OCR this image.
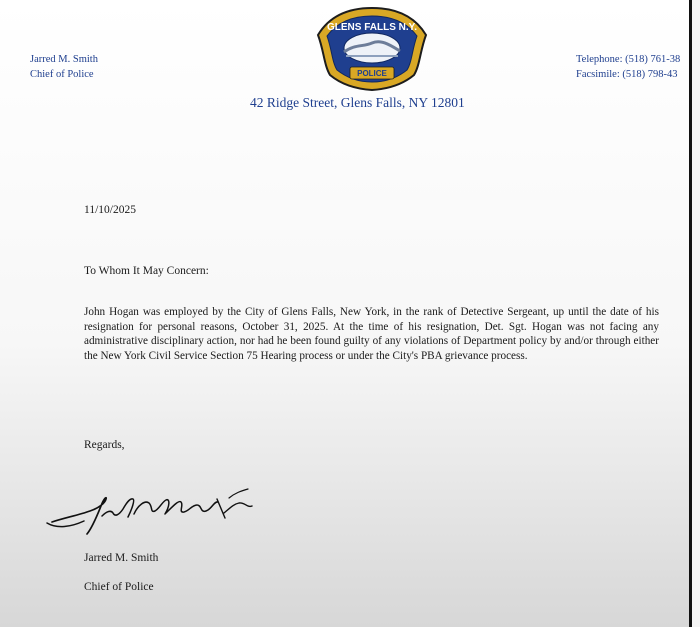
Jarred M. Smith
Chief of Police
GLENS FALLS N.Y.
POLICE
Telephone: (518) 761-38
Facsimile: (518) 798-43
42 Ridge Street, Glens Falls, NY 12801
11/10/2025
To Whom It May Concern:
John Hogan was employed by the City of Glens Falls, New York, in the rank of Detective Sergeant, up until the date of his resignation for personal reasons, October 31, 2025. At the time of his resignation, Det. Sgt. Hogan was not facing any administrative disciplinary action, nor had he been found guilty of any violations of Department policy by and/or through either the New York Civil Service Section 75 Hearing process or under the City's PBA grievance process.
Regards,
Jarred M. Smith
Chief of Police
